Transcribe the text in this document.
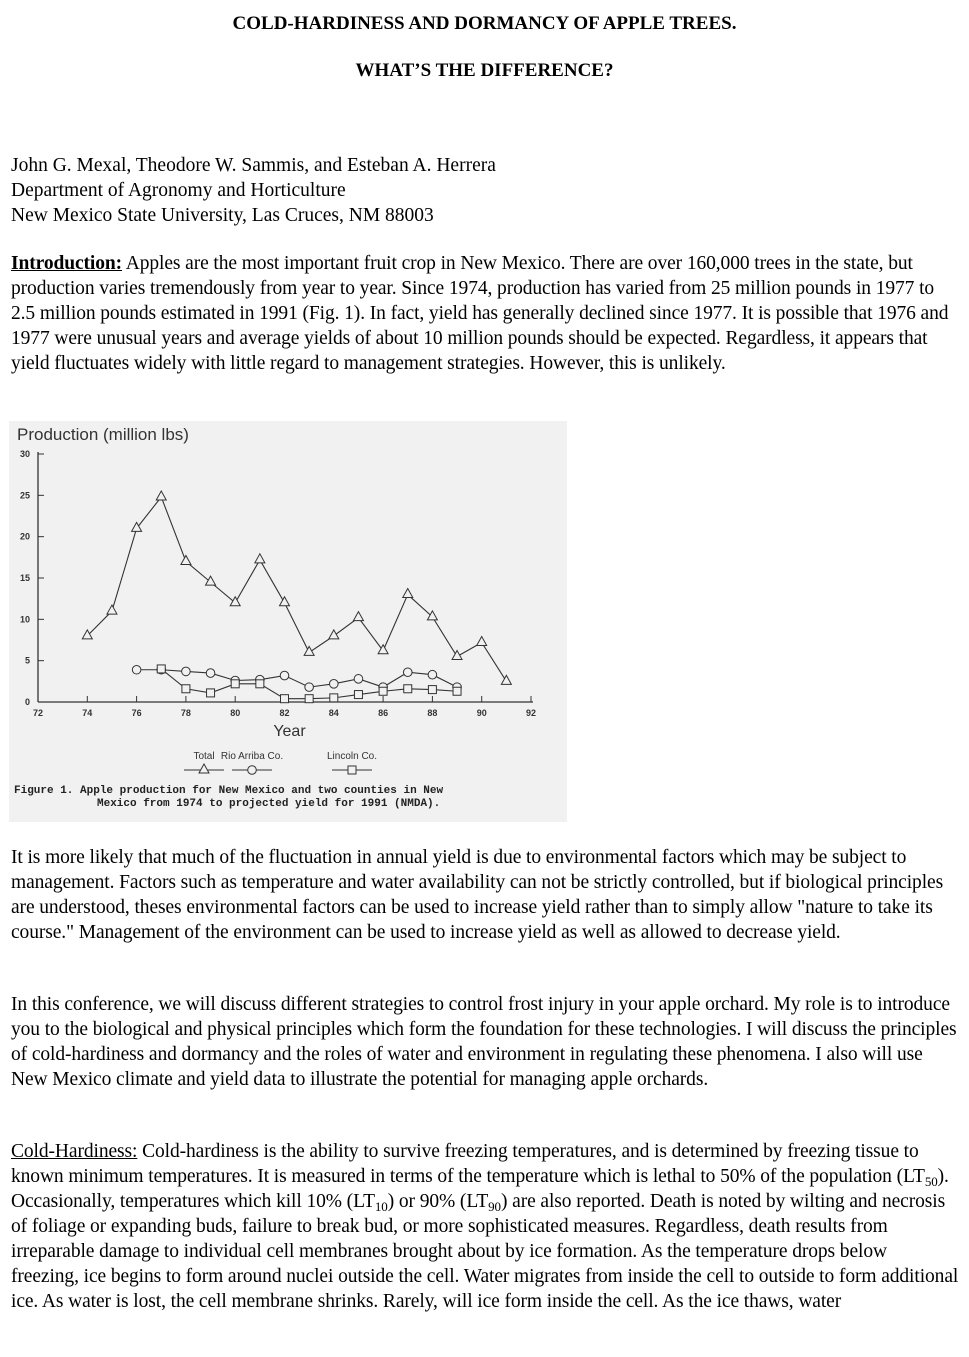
COLD-HARDINESS AND DORMANCY OF APPLE TREES.
WHAT’S THE DIFFERENCE?
John G. Mexal, Theodore W. Sammis, and Esteban A. Herrera
Department of Agronomy and Horticulture
New Mexico State University, Las Cruces, NM 88003

Introduction: Apples are the most important fruit crop in New Mexico. There are over 160,000 trees in the state, but production varies tremendously from year to year. Since 1974, production has varied from 25 million pounds in 1977 to 2.5 million pounds estimated in 1991 (Fig. 1). In fact, yield has generally declined since 1977. It is possible that 1976 and 1977 were unusual years and average yields of about 10 million pounds should be expected. Regardless, it appears that yield fluctuates widely with little regard to management strategies. However, this is unlikely.

Production (million lbs)
0
5
10
15
20
25
30
72	74	76	78	80	82	84	86	88	90	92
Year
Total Rio Arriba Co.	Lincoln Co.

Figure 1. Apple production for New Mexico and two counties in New
Mexico from 1974 to projected yield for 1991 (NMDA).

It is more likely that much of the fluctuation in annual yield is due to environmental factors which may be subject to management. Factors such as temperature and water availability can not be strictly controlled, but if biological principles are understood, theses environmental factors can be used to increase yield rather than to simply allow "nature to take its course." Management of the environment can be used to increase yield as well as allowed to decrease yield.

In this conference, we will discuss different strategies to control frost injury in your apple orchard. My role is to introduce you to the biological and physical principles which form the foundation for these technologies. I will discuss the principles of cold-hardiness and dormancy and the roles of water and environment in regulating these phenomena. I also will use New Mexico climate and yield data to illustrate the potential for managing apple orchards.

Cold-Hardiness: Cold-hardiness is the ability to survive freezing temperatures, and is determined by freezing tissue to known minimum temperatures. It is measured in terms of the temperature which is lethal to 50% of the population $(LT_{50})$. Occasionally, temperatures which kill 10% $(LT_{10})$ or 90% $(LT_{90})$ are also reported. Death is noted by wilting and necrosis of foliage or expanding buds, failure to break bud, or more sophisticated measures. Regardless, death results from irreparable damage to individual cell membranes brought about by ice formation. As the temperature drops below freezing, ice begins to form around nuclei outside the cell. Water migrates from inside the cell to outside to form additional ice. As water is lost, the cell membrane shrinks. Rarely, will ice form inside the cell. As the ice thaws, water
